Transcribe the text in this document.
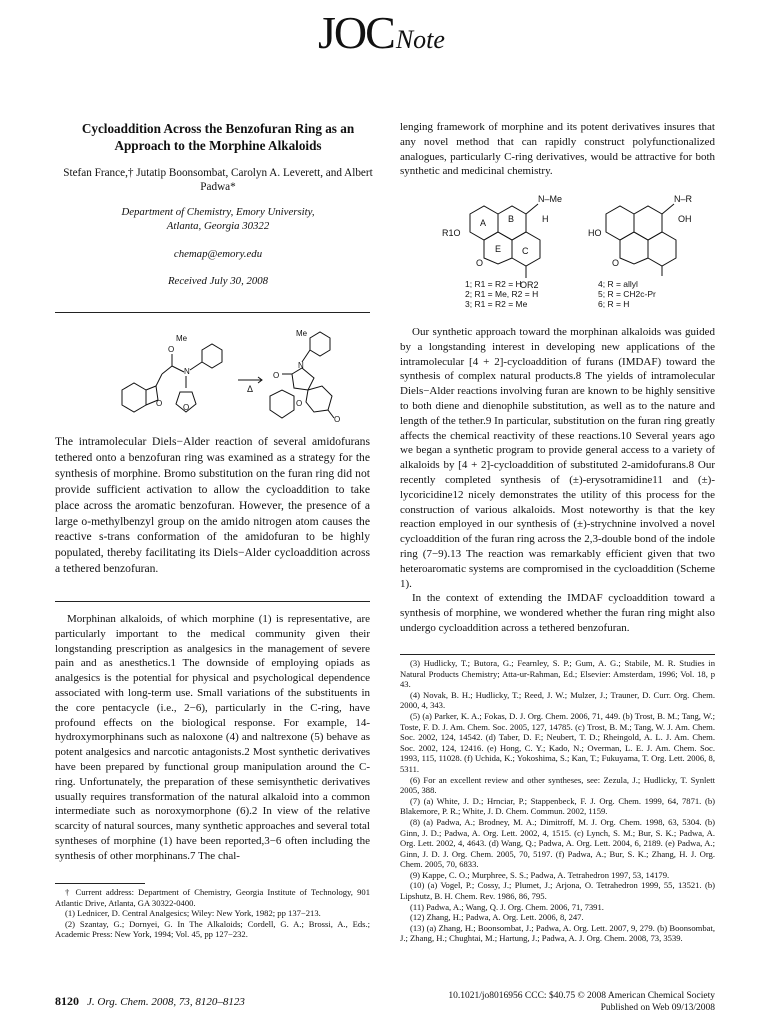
JOCNote
Cycloaddition Across the Benzofuran Ring as an Approach to the Morphine Alkaloids
Stefan France,† Jutatip Boonsombat, Carolyn A. Leverett, and Albert Padwa*
Department of Chemistry, Emory University,
Atlanta, Georgia 30322
chemap@emory.edu
Received July 30, 2008
Me
O
N
O	O
Δ
Me
N
O
O
O
The intramolecular Diels−Alder reaction of several amidofurans tethered onto a benzofuran ring was examined as a strategy for the synthesis of morphine. Bromo substitution on the furan ring did not provide sufficient activation to allow the cycloaddition to take place across the aromatic benzofuran. However, the presence of a large o-methylbenzyl group on the amido nitrogen atom causes the reactive s-trans conformation of the amidofuran to be highly populated, thereby facilitating its Diels−Alder cycloaddition across a tethered benzofuran.

Morphinan alkaloids, of which morphine (1) is representative, are particularly important to the medical community given their longstanding prescription as analgesics in the management of severe pain and as anesthetics.1 The downside of employing opiads as analgesics is the potential for physical and psychological dependence associated with long-term use. Small variations of the substituents in the core pentacycle (i.e., 2−6), particularly in the C-ring, have profound effects on the biological response. For example, 14-hydroxymorphinans such as naloxone (4) and naltrexone (5) behave as potent analgesics and narcotic antagonists.2 Most synthetic derivatives have been prepared by functional group manipulation around the C-ring. Unfortunately, the preparation of these semisynthetic derivatives usually requires transformation of the natural alkaloid into a common intermediate such as noroxymorphone (6).2 In view of the relative scarcity of natural sources, many synthetic approaches and several total syntheses of morphine (1) have been reported,3−6 often including the synthesis of other morphinans.7 The chal-

† Current address: Department of Chemistry, Georgia Institute of Technology, 901 Atlantic Drive, Atlanta, GA 30322-0400.

(1) Lednicer, D. Central Analgesics; Wiley: New York, 1982; pp 137−213.

(2) Szantay, G.; Dornyei, G. In The Alkaloids; Cordell, G. A.; Brossi, A., Eds.; Academic Press: New York, 1994; Vol. 45, pp 127−232.

lenging framework of morphine and its potent derivatives insures that any novel method that can rapidly construct polyfunctionalized analogues, particularly C-ring derivatives, would be attractive for both synthetic and medicinal chemistry.
A B
E C
N–Me
H
R1O
O
OR2
N–R
OH
HO
O
1; R1 = R2 = H
2; R1 = Me, R2 = H
3; R1 = R2 = Me
4; R = allyl
5; R = CH2c-Pr
6; R = H

Our synthetic approach toward the morphinan alkaloids was guided by a longstanding interest in developing new applications of the intramolecular [4 + 2]-cycloaddition of furans (IMDAF) toward the synthesis of complex natural products.8 The yields of intramolecular Diels−Alder reactions involving furan are known to be highly sensitive to both diene and dienophile substitution, as well as to the nature and length of the tether.9 In particular, substitution on the furan ring greatly affects the chemical reactivity of these reactions.10 Several years ago we began a synthetic program to provide general access to a variety of alkaloids by [4 + 2]-cycloaddition of substituted 2-amidofurans.8 Our recently completed synthesis of (±)-erysotramidine11 and (±)-lycoricidine12 nicely demonstrates the utility of this process for the construction of various alkaloids. Most noteworthy is that the key reaction employed in our synthesis of (±)-strychnine involved a novel cycloaddition of the furan ring across the 2,3-double bond of the indole ring (7−9).13 The reaction was remarkably efficient given that two heteroaromatic systems are compromised in the cycloaddition (Scheme 1).

In the context of extending the IMDAF cycloaddition toward a synthesis of morphine, we wondered whether the furan ring might also undergo cycloaddition across a tethered benzofuran.

(3) Hudlicky, T.; Butora, G.; Fearnley, S. P.; Gum, A. G.; Stabile, M. R. Studies in Natural Products Chemistry; Atta-ur-Rahman, Ed.; Elsevier: Amsterdam, 1996; Vol. 18, p 43.

(4) Novak, B. H.; Hudlicky, T.; Reed, J. W.; Mulzer, J.; Trauner, D. Curr. Org. Chem. 2000, 4, 343.

(5) (a) Parker, K. A.; Fokas, D. J. Org. Chem. 2006, 71, 449. (b) Trost, B. M.; Tang, W.; Toste, F. D. J. Am. Chem. Soc. 2005, 127, 14785. (c) Trost, B. M.; Tang, W. J. Am. Chem. Soc. 2002, 124, 14542. (d) Taber, D. F.; Neubert, T. D.; Rheingold, A. L. J. Am. Chem. Soc. 2002, 124, 12416. (e) Hong, C. Y.; Kado, N.; Overman, L. E. J. Am. Chem. Soc. 1993, 115, 11028. (f) Uchida, K.; Yokoshima, S.; Kan, T.; Fukuyama, T. Org. Lett. 2006, 8, 5311.

(6) For an excellent review and other syntheses, see: Zezula, J.; Hudlicky, T. Synlett 2005, 388.

(7) (a) White, J. D.; Hrnciar, P.; Stappenbeck, F. J. Org. Chem. 1999, 64, 7871. (b) Blakemore, P. R.; White, J. D. Chem. Commun. 2002, 1159.

(8) (a) Padwa, A.; Brodney, M. A.; Dimitroff, M. J. Org. Chem. 1998, 63, 5304. (b) Ginn, J. D.; Padwa, A. Org. Lett. 2002, 4, 1515. (c) Lynch, S. M.; Bur, S. K.; Padwa, A. Org. Lett. 2002, 4, 4643. (d) Wang, Q.; Padwa, A. Org. Lett. 2004, 6, 2189. (e) Padwa, A.; Ginn, J. D. J. Org. Chem. 2005, 70, 5197. (f) Padwa, A.; Bur, S. K.; Zhang, H. J. Org. Chem. 2005, 70, 6833.

(9) Kappe, C. O.; Murphree, S. S.; Padwa, A. Tetrahedron 1997, 53, 14179.

(10) (a) Vogel, P.; Cossy, J.; Plumet, J.; Arjona, O. Tetrahedron 1999, 55, 13521. (b) Lipshutz, B. H. Chem. Rev. 1986, 86, 795.

(11) Padwa, A.; Wang, Q. J. Org. Chem. 2006, 71, 7391.

(12) Zhang, H.; Padwa, A. Org. Lett. 2006, 8, 247.

(13) (a) Zhang, H.; Boonsombat, J.; Padwa, A. Org. Lett. 2007, 9, 279. (b) Boonsombat, J.; Zhang, H.; Chughtai, M.; Hartung, J.; Padwa, A. J. Org. Chem. 2008, 73, 3539.

8120 J. Org. Chem. 2008, 73, 8120–8123	10.1021/jo8016956 CCC: $40.75 © 2008 American Chemical Society
Published on Web 09/13/2008
